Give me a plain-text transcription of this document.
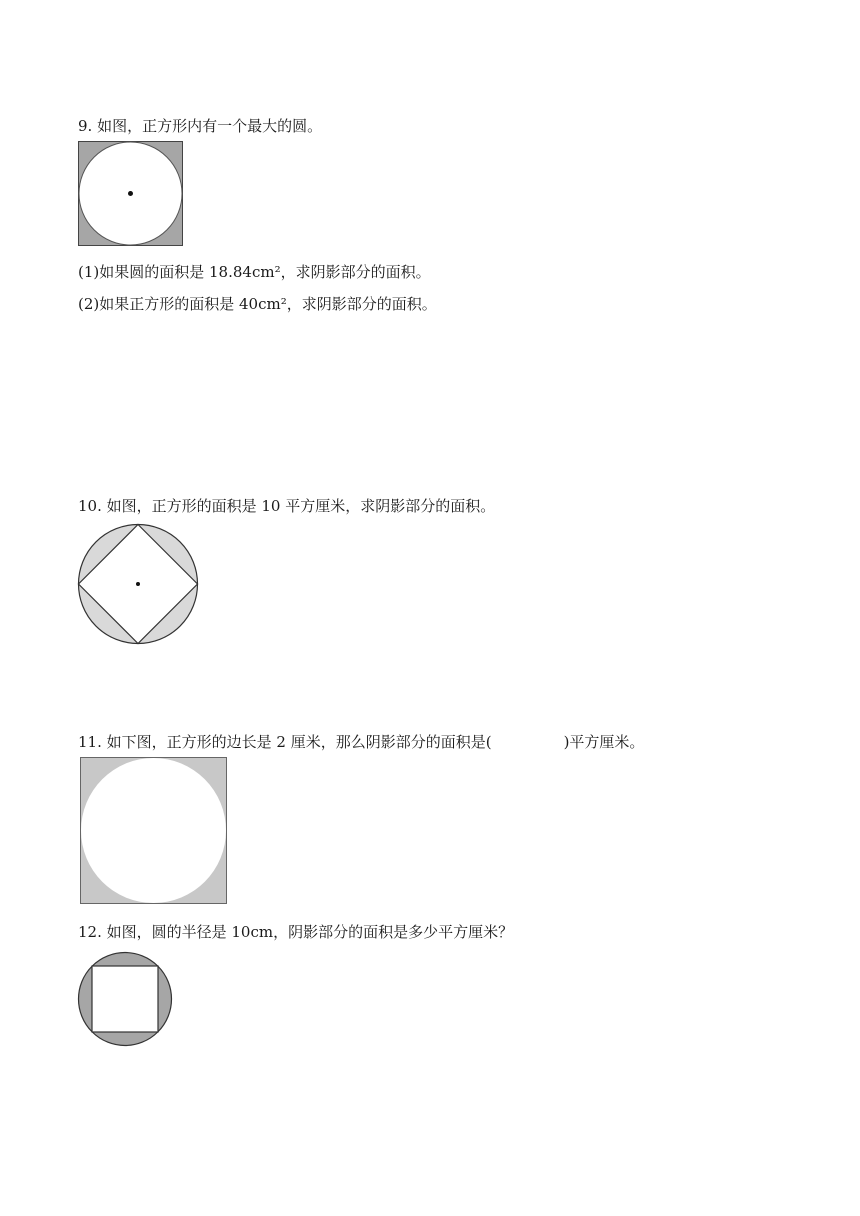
9. 如图，正方形内有一个最大的圆。
(1)如果圆的面积是 18.84cm²，求阴影部分的面积。
(2)如果正方形的面积是 40cm²，求阴影部分的面积。
10. 如图，正方形的面积是 10 平方厘米，求阴影部分的面积。
11. 如下图，正方形的边长是 2 厘米，那么阴影部分的面积是(	)平方厘米。
12. 如图，圆的半径是 10cm，阴影部分的面积是多少平方厘米？
